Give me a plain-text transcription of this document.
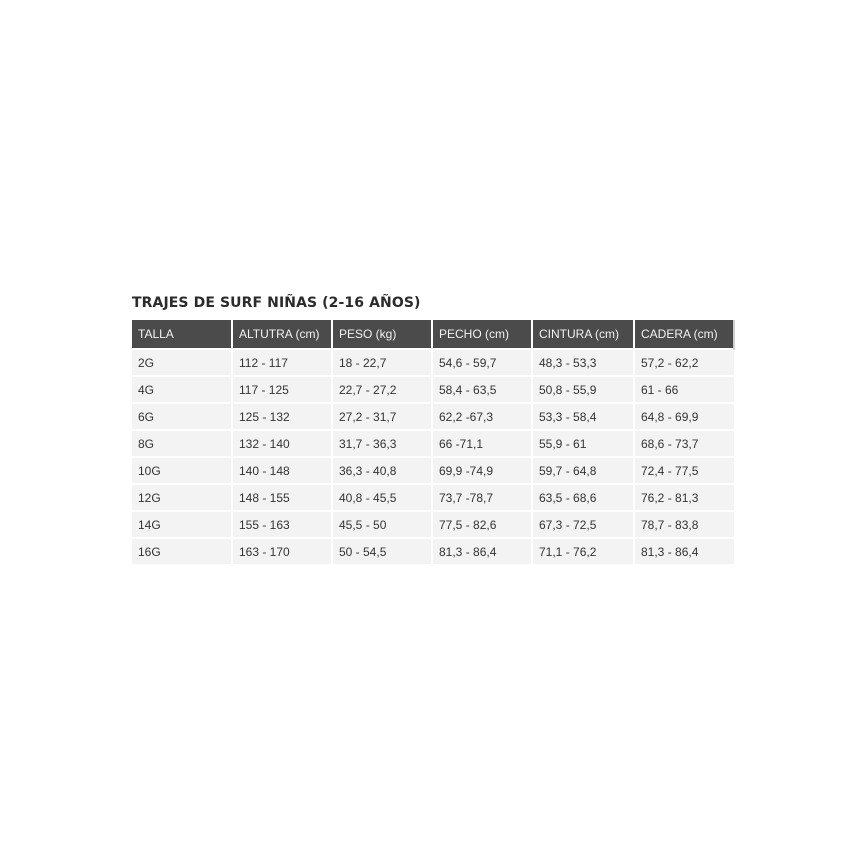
TRAJES DE SURF NIÑAS (2-16 AÑOS)
TALLA	ALTUTRA (cm)	PESO (kg)	PECHO (cm)	CINTURA (cm)	CADERA (cm)
2G	112 - 117	18 - 22,7	54,6 - 59,7	48,3 - 53,3	57,2 - 62,2
4G	117 - 125	22,7 - 27,2	58,4 - 63,5	50,8 - 55,9	61 - 66
6G	125 - 132	27,2 - 31,7	62,2 -67,3	53,3 - 58,4	64,8 - 69,9
8G	132 - 140	31,7 - 36,3	66 -71,1	55,9 - 61	68,6 - 73,7
10G	140 - 148	36,3 - 40,8	69,9 -74,9	59,7 - 64,8	72,4 - 77,5
12G	148 - 155	40,8 - 45,5	73,7 -78,7	63,5 - 68,6	76,2 - 81,3
14G	155 - 163	45,5 - 50	77,5 - 82,6	67,3 - 72,5	78,7 - 83,8
16G	163 - 170	50 - 54,5	81,3 - 86,4	71,1 - 76,2	81,3 - 86,4
